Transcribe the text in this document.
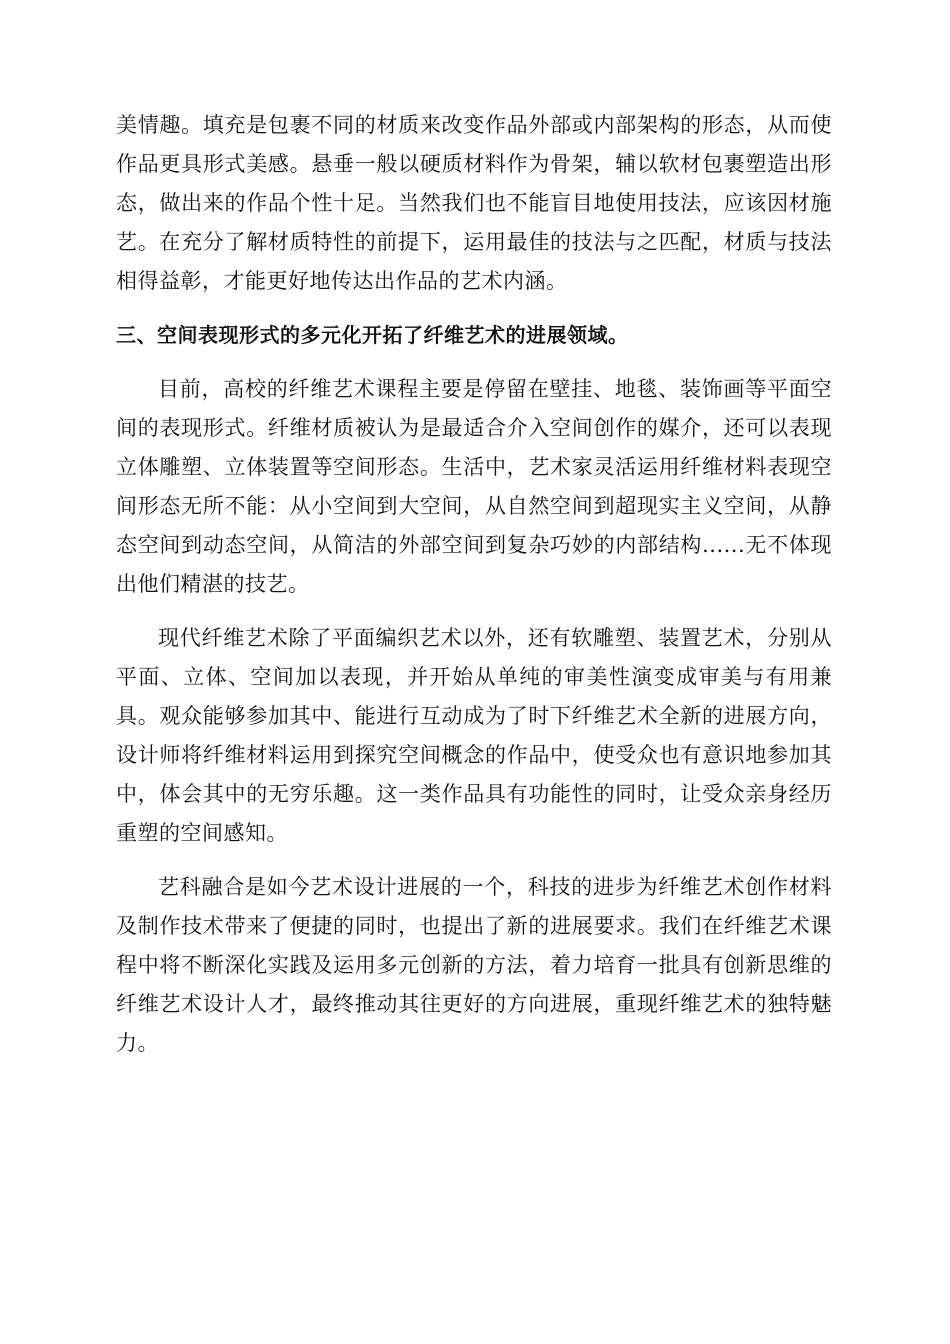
美情趣。填充是包裹不同的材质来改变作品外部或内部架构的形态，从而使作品更具形式美感。悬垂一般以硬质材料作为骨架，辅以软材包裹塑造出形态，做出来的作品个性十足。当然我们也不能盲目地使用技法，应该因材施艺。在充分了解材质特性的前提下，运用最佳的技法与之匹配，材质与技法相得益彰，才能更好地传达出作品的艺术内涵。

三、空间表现形式的多元化开拓了纤维艺术的进展领域。

目前，高校的纤维艺术课程主要是停留在壁挂、地毯、装饰画等平面空间的表现形式。纤维材质被认为是最适合介入空间创作的媒介，还可以表现立体雕塑、立体装置等空间形态。生活中，艺术家灵活运用纤维材料表现空间形态无所不能：从小空间到大空间，从自然空间到超现实主义空间，从静态空间到动态空间，从简洁的外部空间到复杂巧妙的内部结构......无不体现出他们精湛的技艺。

现代纤维艺术除了平面编织艺术以外，还有软雕塑、装置艺术，分别从平面、立体、空间加以表现，并开始从单纯的审美性演变成审美与有用兼具。观众能够参加其中、能进行互动成为了时下纤维艺术全新的进展方向，设计师将纤维材料运用到探究空间概念的作品中，使受众也有意识地参加其中，体会其中的无穷乐趣。这一类作品具有功能性的同时，让受众亲身经历重塑的空间感知。

艺科融合是如今艺术设计进展的一个，科技的进步为纤维艺术创作材料及制作技术带来了便捷的同时，也提出了新的进展要求。我们在纤维艺术课程中将不断深化实践及运用多元创新的方法，着力培育一批具有创新思维的纤维艺术设计人才，最终推动其往更好的方向进展，重现纤维艺术的独特魅力。
